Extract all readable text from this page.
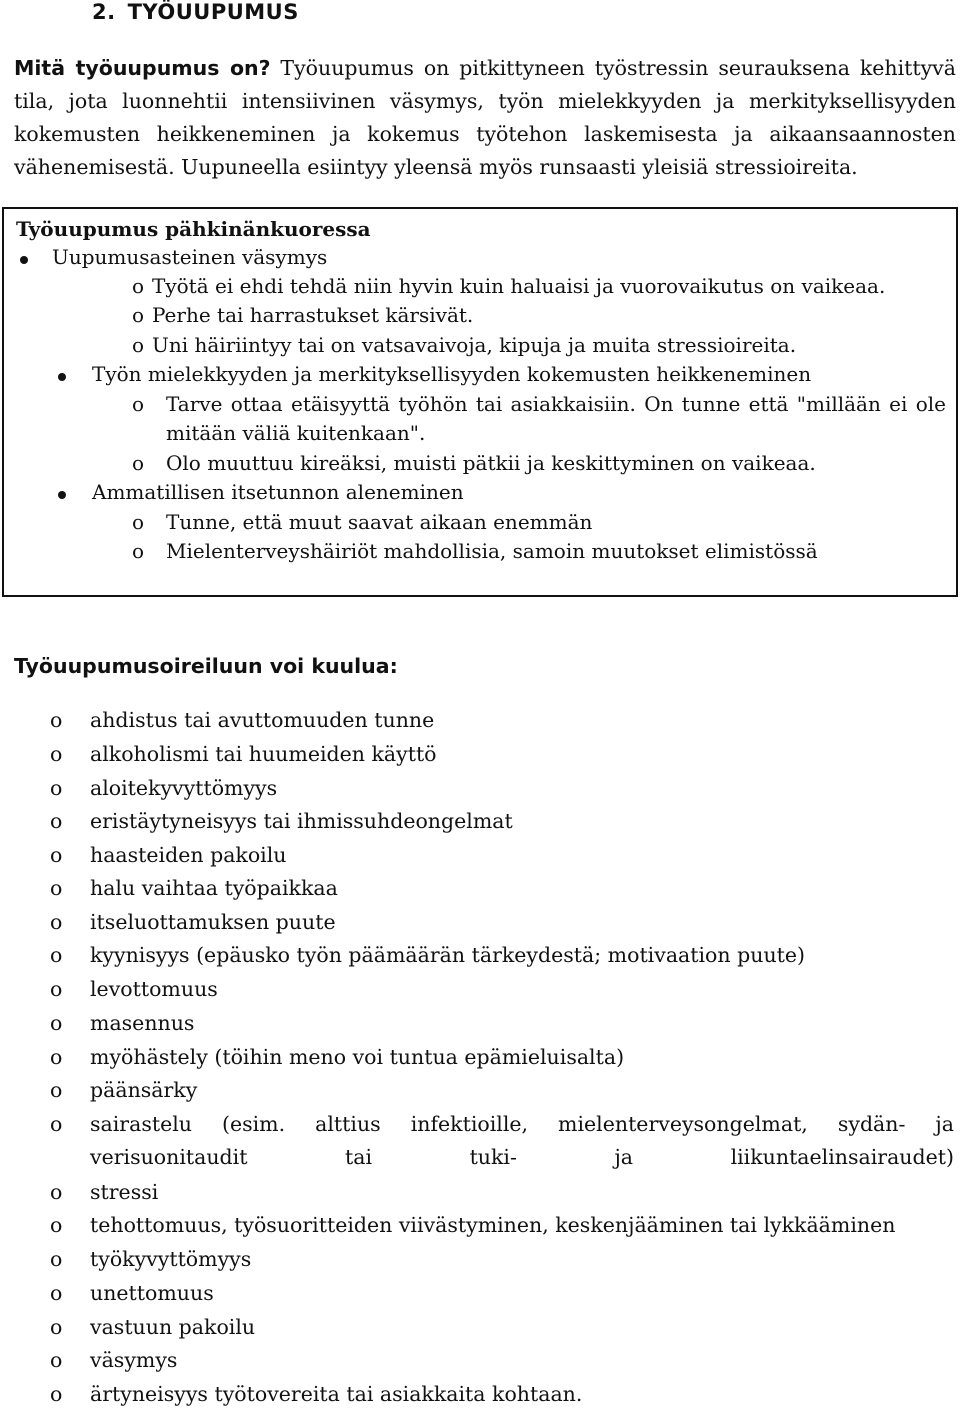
2. TYÖUUPUMUS

Mitä työuupumus on? Työuupumus on pitkittyneen työstressin seurauksena kehittyvä tila, jota luonnehtii intensiivinen väsymys, työn mielekkyyden ja merkityksellisyyden kokemusten heikkeneminen ja kokemus työtehon laskemisesta ja aikaansaannosten vähenemisestä. Uupuneella esiintyy yleensä myös runsaasti yleisiä stressioireita.

Työuupumus pähkinänkuoressa
Uupumusasteinen väsymys
o Työtä ei ehdi tehdä niin hyvin kuin haluaisi ja vuorovaikutus on vaikeaa.
o Perhe tai harrastukset kärsivät.
o Uni häiriintyy tai on vatsavaivoja, kipuja ja muita stressioireita.
Työn mielekkyyden ja merkityksellisyyden kokemusten heikkeneminen
o Tarve ottaa etäisyyttä työhön tai asiakkaisiin. On tunne että "millään ei ole mitään väliä kuitenkaan".
o Olo muuttuu kireäksi, muisti pätkii ja keskittyminen on vaikeaa.
Ammatillisen itsetunnon aleneminen
o Tunne, että muut saavat aikaan enemmän
o Mielenterveyshäiriöt mahdollisia, samoin muutokset elimistössä
Työuupumusoireiluun voi kuulua:
o ahdistus tai avuttomuuden tunne
o alkoholismi tai huumeiden käyttö
o aloitekyvyttömyys
o eristäytyneisyys tai ihmissuhdeongelmat
o haasteiden pakoilu
o halu vaihtaa työpaikkaa
o itseluottamuksen puute
o kyynisyys (epäusko työn päämäärän tärkeydestä; motivaation puute)
o levottomuus
o masennus
o myöhästely (töihin meno voi tuntua epämieluisalta)
o päänsärky
o sairastelu (esim. alttius infektioille, mielenterveysongelmat, sydän- ja verisuonitaudit tai tuki- ja liikuntaelinsairaudet)
o stressi
o tehottomuus, työsuoritteiden viivästyminen, keskenjääminen tai lykkääminen
o työkyvyttömyys
o unettomuus
o vastuun pakoilu
o väsymys
o ärtyneisyys työtovereita tai asiakkaita kohtaan.
